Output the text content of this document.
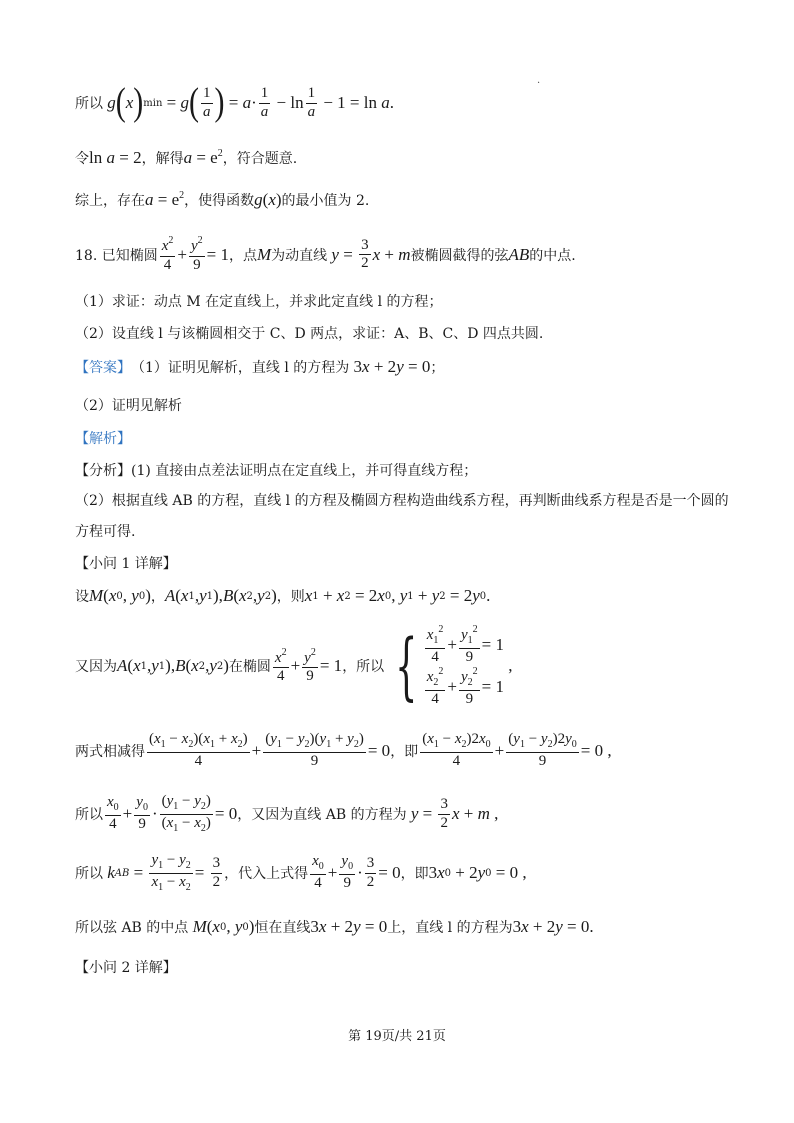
·
所以 g ( x ) min = g ( $\frac{1}{a}$ ) = $a \cdot \frac{1}{a} - \ln \frac{1}{a} - 1 = \ln a$ .
令 ln a = 2 ，解得 $a = e^2$ ，符合题意.
综上，存在 $a = e^2$ ，使得函数 g ( x ) 的最小值为 2.
18. 已知椭圆 $\frac{x^2}{4} + \frac{y^2}{9} = 1$ ，点 M 为动直线 $y = \frac{3}{2}$ x + m 被椭圆截得的弦 AB 的中点.
（1）求证：动点 M 在定直线上，并求此定直线 l 的方程；
（2）设直线 l 与该椭圆相交于 C、D 两点，求证：A、B、C、D 四点共圆.
【答案】 （1）证明见解析，直线 l 的方程为 3 x + 2 y = 0 ；
（2）证明见解析
【解析】
【分析】(1) 直接由点差法证明点在定直线上，并可得直线方程；
（2）根据直线 AB 的方程，直线 l 的方程及椭圆方程构造曲线系方程，再判断曲线系方程是否是一个圆的
方程可得.
【小问 1 详解】
设 M ( x 0 , y 0 ) ， A ( x 1 , y 1 ), B ( x 2 , y 2 ) ，则 x 1 + x 2 = 2 x 0 , y 1 + y 2 = 2 y 0 .
又因为 A ( x 1 , y 1 ), B ( x 2 , y 2 ) 在椭圆 $\frac{x^2}{4} + \frac{y^2}{9} = 1$ ，所以 { $\frac{x_1^2}{4} + \frac{y_1^2}{9} = 1$
$\frac{x_2^2}{4} + \frac{y_2^2}{9} = 1$
,
两式相减得 $\frac{(x_1 - x_2)(x_1 + x_2)}{4} + \frac{(y_1 - y_2)(y_1 + y_2)}{9} = 0$ ，即 $\frac{(x_1 - x_2)2x_0}{4} + \frac{(y_1 - y_2)2y_0}{9} = 0$ ,
所以 $\frac{x_0}{4} + \frac{y_0}{9} \cdot \frac{(y_1 - y_2)}{(x_1 - x_2)} = 0$ ，又因为直线 AB 的方程为 $y = \frac{3}{2}$ x + m ,
所以 k AB = $\frac{y_1 - y_2}{x_1 - x_2} = \frac{3}{2}$ ，代入上式得 $\frac{x_0}{4} + \frac{y_0}{9} \cdot \frac{3}{2} = 0$ ，即 3 x 0 + 2 y 0 = 0 ,
所以弦 AB 的中点 M ( x 0 , y 0 ) 恒在直线 3 x + 2 y = 0 上，直线 l 的方程为 3 x + 2 y = 0.
【小问 2 详解】
第 19页/共 21页
